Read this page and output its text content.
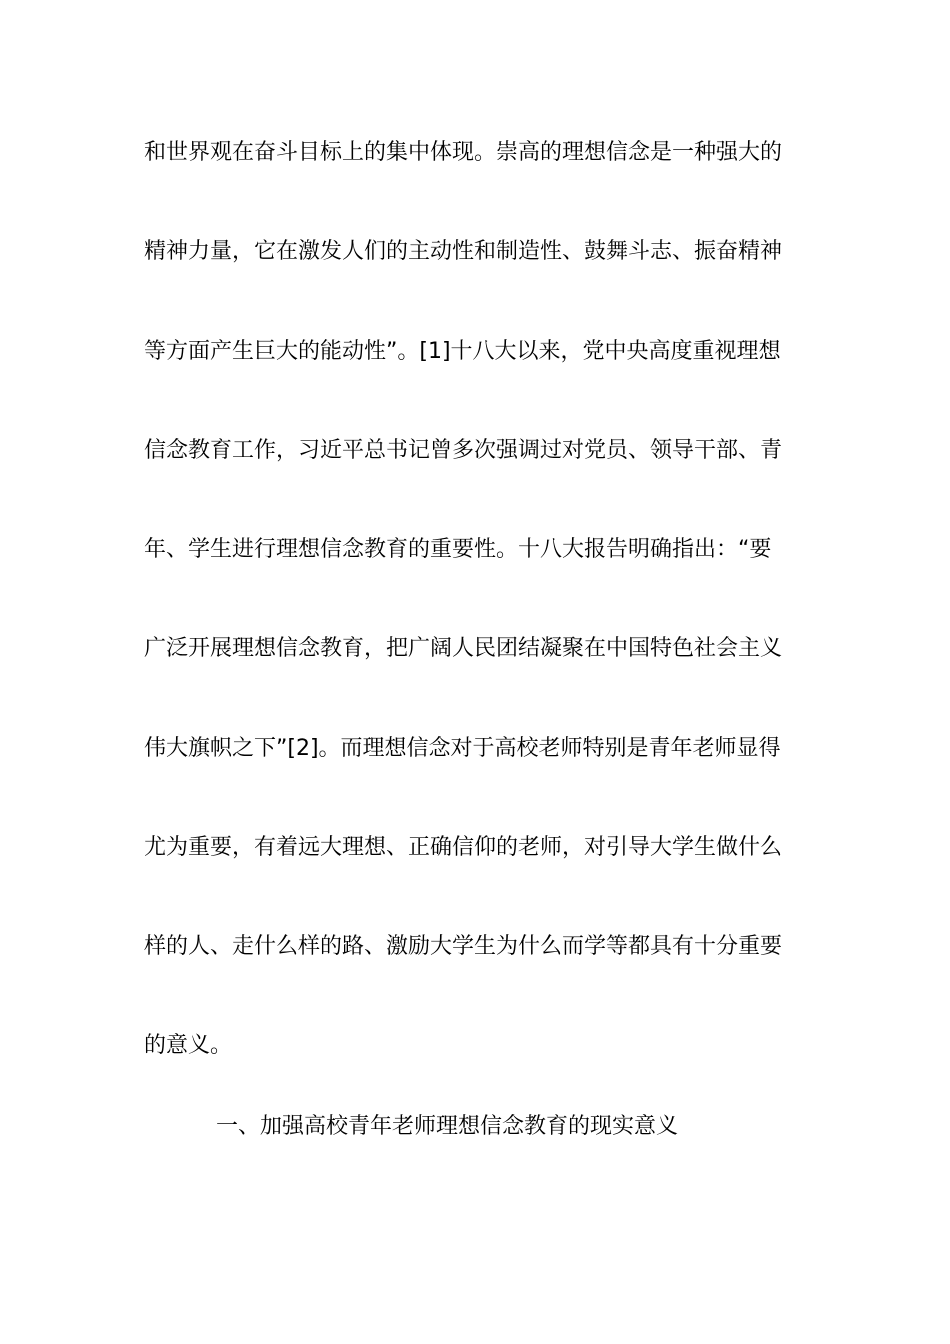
和世界观在奋斗目标上的集中体现。崇高的理想信念是一种强大的
精神力量，它在激发人们的主动性和制造性、鼓舞斗志、振奋精神
等方面产生巨大的能动性”。[1]十八大以来，党中央高度重视理想
信念教育工作，习近平总书记曾多次强调过对党员、领导干部、青
年、学生进行理想信念教育的重要性。十八大报告明确指出：“要
广泛开展理想信念教育，把广阔人民团结凝聚在中国特色社会主义
伟大旗帜之下”[2]。而理想信念对于高校老师特别是青年老师显得
尤为重要，有着远大理想、正确信仰的老师，对引导大学生做什么
样的人、走什么样的路、激励大学生为什么而学等都具有十分重要
的意义。
一、加强高校青年老师理想信念教育的现实意义
